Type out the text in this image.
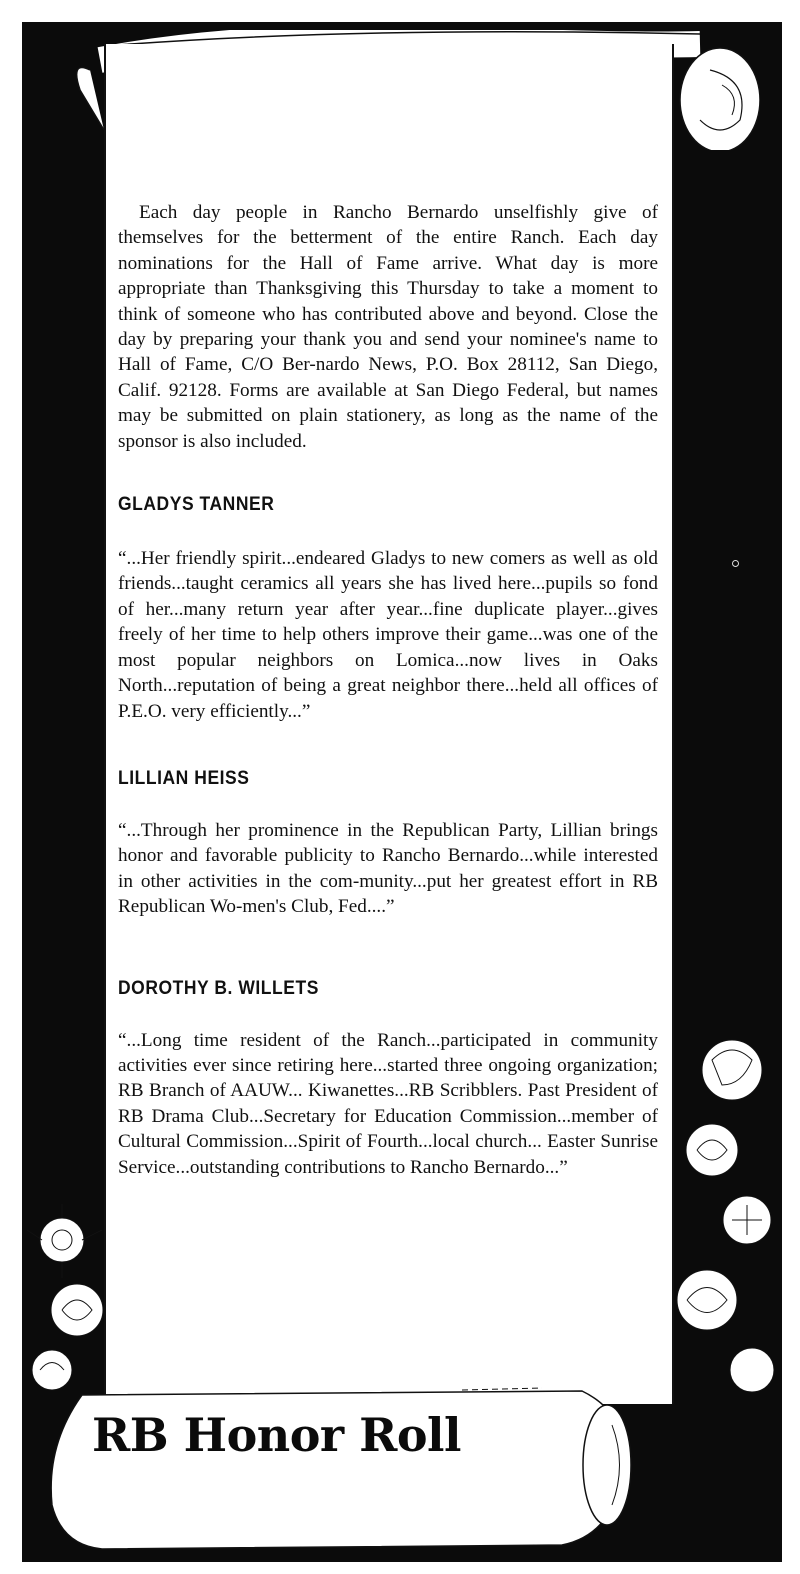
RB Honor Roll

Each day people in Rancho Bernardo unselfishly give of themselves for the betterment of the entire Ranch. Each day nominations for the Hall of Fame arrive. What day is more appropriate than Thanksgiving this Thursday to take a moment to think of someone who has contributed above and beyond. Close the day by preparing your thank you and send your nominee's name to Hall of Fame, C/O Ber-nardo News, P.O. Box 28112, San Diego, Calif. 92128. Forms are available at San Diego Federal, but names may be submitted on plain stationery, as long as the name of the sponsor is also included.

GLADYS TANNER

“...Her friendly spirit...endeared Gladys to new comers as well as old friends...taught ceramics all years she has lived here...pupils so fond of her...many return year after year...fine duplicate player...gives freely of her time to help others improve their game...was one of the most popular neighbors on Lomica...now lives in Oaks North...reputation of being a great neighbor there...held all offices of P.E.O. very efficiently...”

LILLIAN HEISS

“...Through her prominence in the Republican Party, Lillian brings honor and favorable publicity to Rancho Bernardo...while interested in other activities in the com-munity...put her greatest effort in RB Republican Wo-men's Club, Fed....”

DOROTHY B. WILLETS

“...Long time resident of the Ranch...participated in community activities ever since retiring here...started three ongoing organization; RB Branch of AAUW... Kiwanettes...RB Scribblers. Past President of RB Drama Club...Secretary for Education Commission...member of Cultural Commission...Spirit of Fourth...local church... Easter Sunrise Service...outstanding contributions to Rancho Bernardo...”
